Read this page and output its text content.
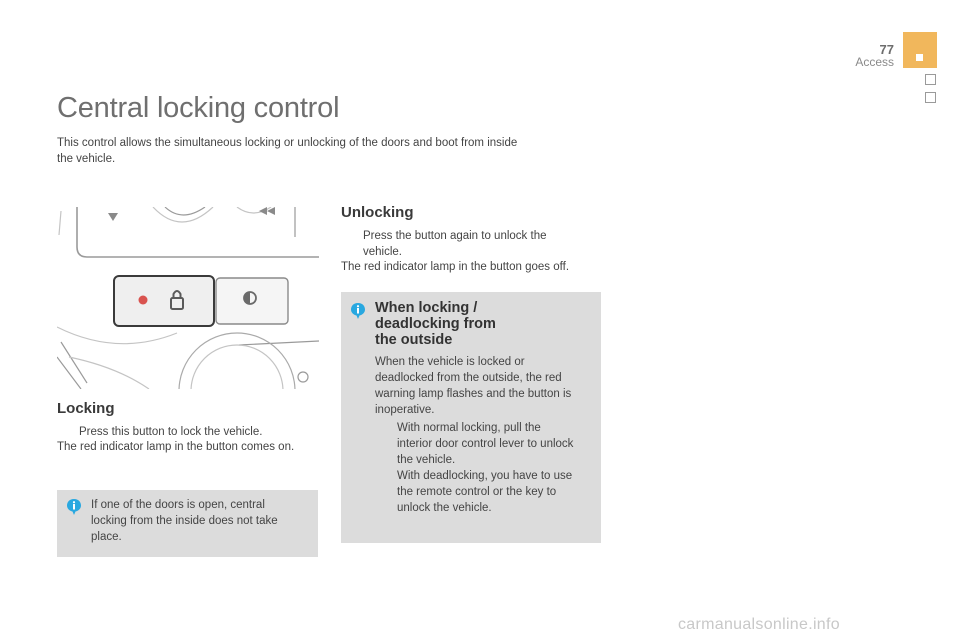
77
Access
Central locking control

This control allows the simultaneous locking or unlocking of the doors and boot from inside
the vehicle.

Locking
Press this button to lock the vehicle.

The red indicator lamp in the button comes on.

If one of the doors is open, central
locking from the inside does not take
place.

Unlocking
Press the button again to unlock the
vehicle.

The red indicator lamp in the button goes off.

When locking /
deadlocking from
the outside

When the vehicle is locked or
deadlocked from the outside, the red
warning lamp flashes and the button is
inoperative.

With normal locking, pull the
interior door control lever to unlock
the vehicle.
With deadlocking, you have to use
the remote control or the key to
unlock the vehicle.
carmanualsonline.info
